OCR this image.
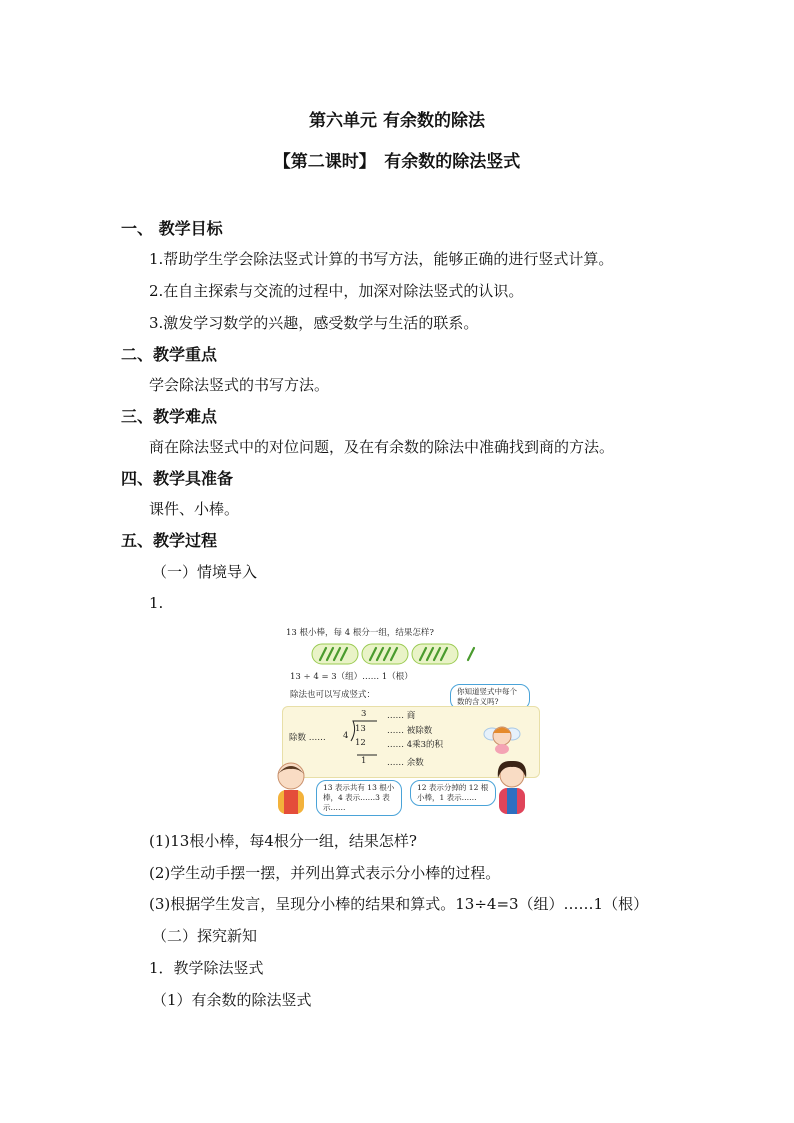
第六单元 有余数的除法
【第二课时】　有余数的除法竖式
一、 教学目标
1.帮助学生学会除法竖式计算的书写方法，能够正确的进行竖式计算。
2.在自主探索与交流的过程中，加深对除法竖式的认识。
3.激发学习数学的兴趣，感受数学与生活的联系。
二、教学重点
学会除法竖式的书写方法。
三、教学难点
商在除法竖式中的对位问题，及在有余数的除法中准确找到商的方法。
四、教学具准备
课件、小棒。
五、教学过程
（一）情境导入
1.
13 根小棒，每 4 根分一组，结果怎样?
13 ÷ 4 = 3（组）…… 1（根）
除法也可以写成竖式：	你知道竖式中每个数的含义吗?
除数 …… 4
3
13
12
1
…… 商
…… 被除数
…… 4乘3的积
…… 余数
13 表示共有 13 根小棒，4 表示……3 表示……
12 表示分掉的 12 根小棒，1 表示……
(1)13根小棒，每4根分一组，结果怎样?
(2)学生动手摆一摆，并列出算式表示分小棒的过程。
(3)根据学生发言，呈现分小棒的结果和算式。13÷4=3（组）……1（根）
（二）探究新知
1．教学除法竖式
（1）有余数的除法竖式
